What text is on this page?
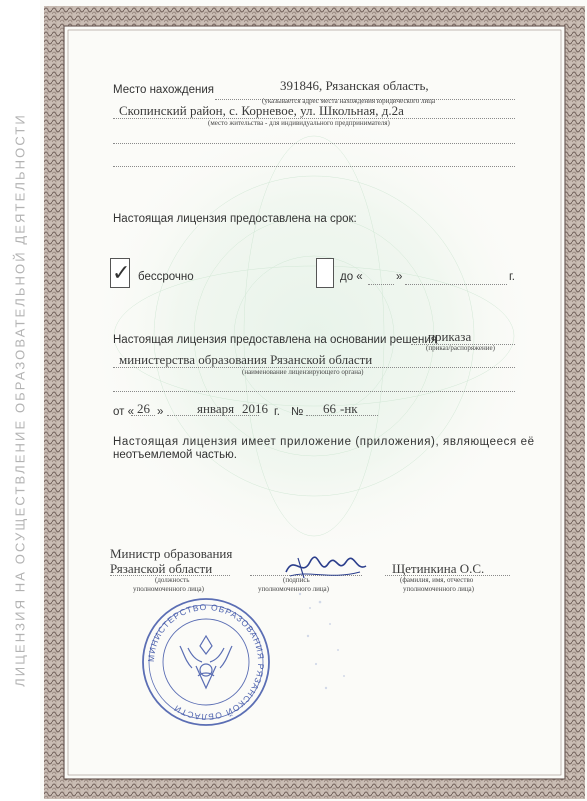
ЛИЦЕНЗИЯ НА ОСУЩЕСТВЛЕНИЕ ОБРАЗОВАТЕЛЬНОЙ ДЕЯТЕЛЬНОСТИ
Место нахождения	391846, Рязанская область,
(указывается адрес места нахождения юридического лица
Скопинский район, с. Корневое, ул. Школьная, д.2а
(место жительства - для индивидуального предпринимателя)
Настоящая лицензия предоставлена на срок:
✓ бессрочно	до «	»	г.
Настоящая лицензия предоставлена на основании решения
приказа
(приказ/распоряжение)
министерства образования Рязанской области
(наименование лицензирующего органа)
от « 26 »	января 2016 г. № 66 -нк
Настоящая лицензия имеет приложение (приложения), являющееся её
неотъемлемой частью.
Министр образования
Рязанской области
(должность
уполномоченного лица)
(подпись
уполномоченного лица)
Щетинкина О.С.
(фамилия, имя, отчество
уполномоченного лица)
МИНИСТЕРСТВО ОБРАЗОВАНИЯ РЯЗАНСКОЙ ОБЛАСТИ
